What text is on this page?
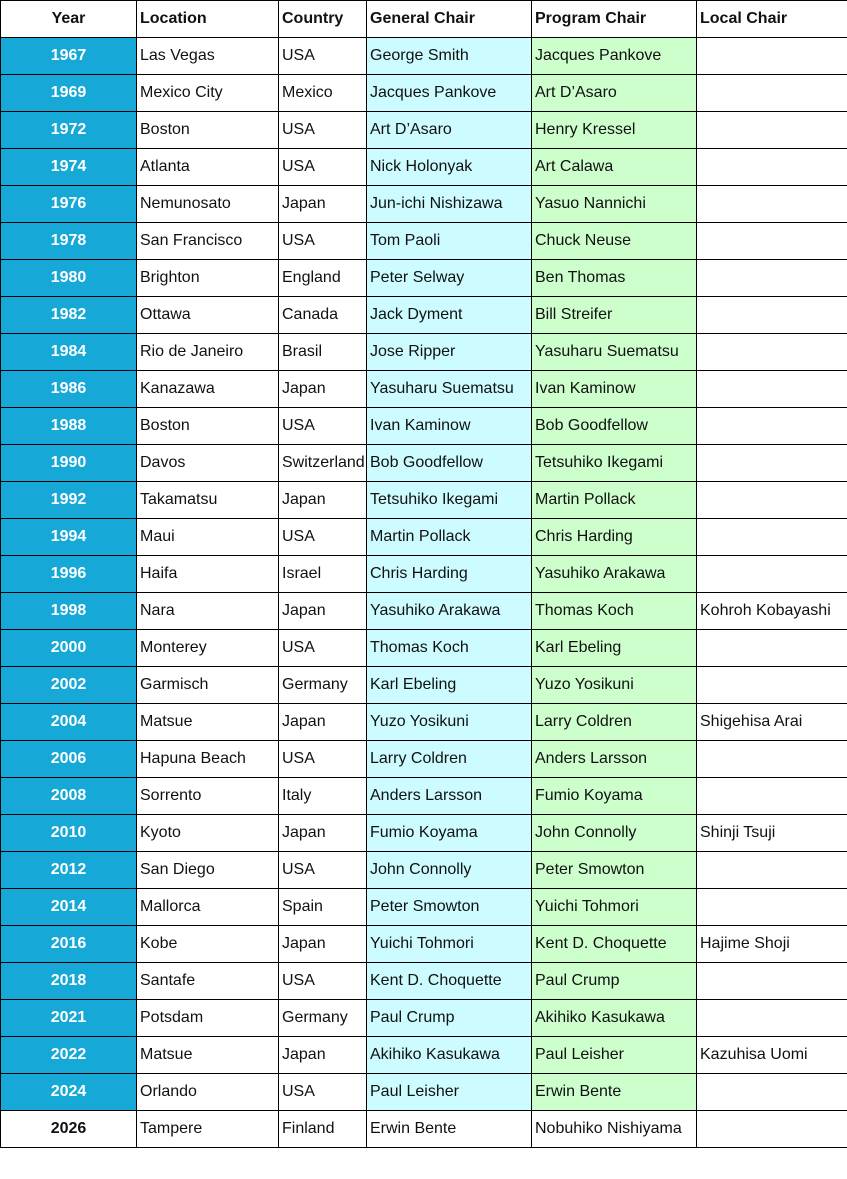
Year	Location	Country	General Chair	Program Chair	Local Chair
1967	Las Vegas	USA	George Smith	Jacques Pankove	
1969	Mexico City	Mexico	Jacques Pankove	Art D’Asaro	
1972	Boston	USA	Art D’Asaro	Henry Kressel	
1974	Atlanta	USA	Nick Holonyak	Art Calawa	
1976	Nemunosato	Japan	Jun-ichi Nishizawa	Yasuo Nannichi	
1978	San Francisco	USA	Tom Paoli	Chuck Neuse	
1980	Brighton	England	Peter Selway	Ben Thomas	
1982	Ottawa	Canada	Jack Dyment	Bill Streifer	
1984	Rio de Janeiro	Brasil	Jose Ripper	Yasuharu Suematsu	
1986	Kanazawa	Japan	Yasuharu Suematsu	Ivan Kaminow	
1988	Boston	USA	Ivan Kaminow	Bob Goodfellow	
1990	Davos	Switzerland	Bob Goodfellow	Tetsuhiko Ikegami	
1992	Takamatsu	Japan	Tetsuhiko Ikegami	Martin Pollack	
1994	Maui	USA	Martin Pollack	Chris Harding	
1996	Haifa	Israel	Chris Harding	Yasuhiko Arakawa	
1998	Nara	Japan	Yasuhiko Arakawa	Thomas Koch	Kohroh Kobayashi
2000	Monterey	USA	Thomas Koch	Karl Ebeling	
2002	Garmisch	Germany	Karl Ebeling	Yuzo Yosikuni	
2004	Matsue	Japan	Yuzo Yosikuni	Larry Coldren	Shigehisa Arai
2006	Hapuna Beach	USA	Larry Coldren	Anders Larsson	
2008	Sorrento	Italy	Anders Larsson	Fumio Koyama	
2010	Kyoto	Japan	Fumio Koyama	John Connolly	Shinji Tsuji
2012	San Diego	USA	John Connolly	Peter Smowton	
2014	Mallorca	Spain	Peter Smowton	Yuichi Tohmori	
2016	Kobe	Japan	Yuichi Tohmori	Kent D. Choquette	Hajime Shoji
2018	Santafe	USA	Kent D. Choquette	Paul Crump	
2021	Potsdam	Germany	Paul Crump	Akihiko Kasukawa	
2022	Matsue	Japan	Akihiko Kasukawa	Paul Leisher	Kazuhisa Uomi
2024	Orlando	USA	Paul Leisher	Erwin Bente	
2026	Tampere	Finland	Erwin Bente	Nobuhiko Nishiyama	
